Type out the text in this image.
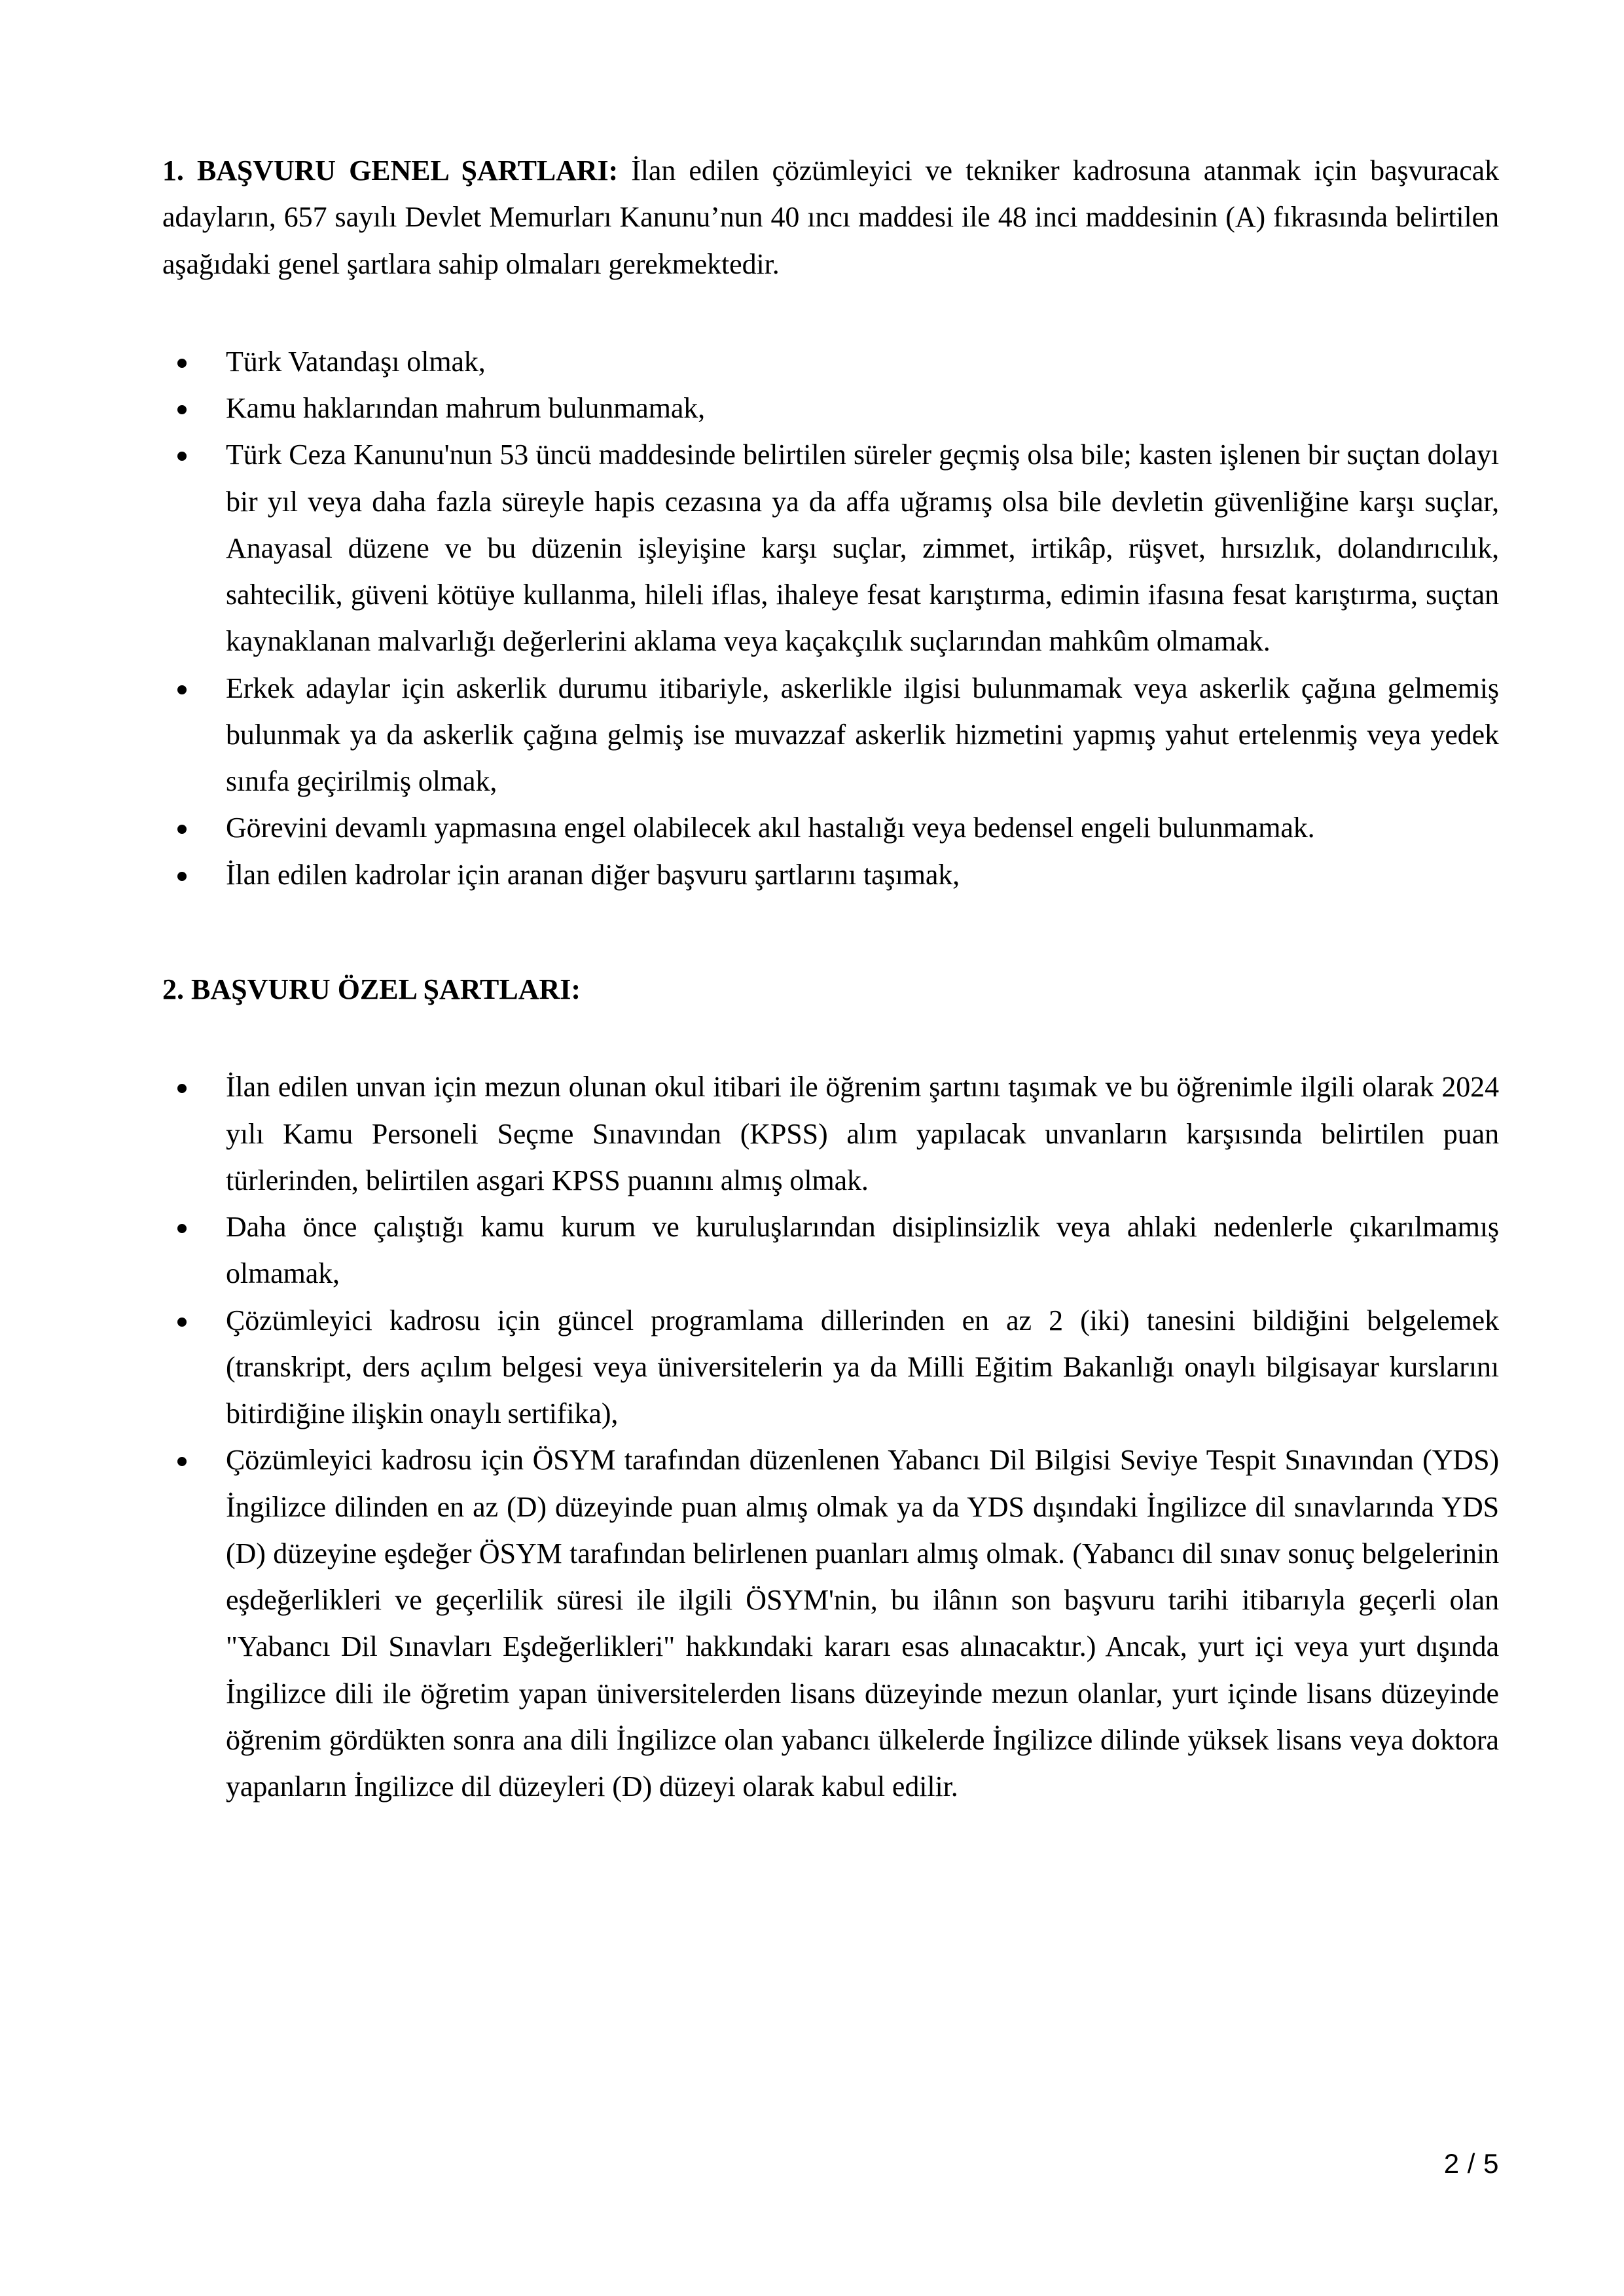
1. BAŞVURU GENEL ŞARTLARI: İlan edilen çözümleyici ve tekniker kadrosuna atanmak için başvuracak adayların, 657 sayılı Devlet Memurları Kanunu’nun 40 ıncı maddesi ile 48 inci maddesinin (A) fıkrasında belirtilen aşağıdaki genel şartlara sahip olmaları gerekmektedir.

Türk Vatandaşı olmak,
Kamu haklarından mahrum bulunmamak,
Türk Ceza Kanunu'nun 53 üncü maddesinde belirtilen süreler geçmiş olsa bile; kasten işlenen bir suçtan dolayı bir yıl veya daha fazla süreyle hapis cezasına ya da affa uğramış olsa bile devletin güvenliğine karşı suçlar, Anayasal düzene ve bu düzenin işleyişine karşı suçlar, zimmet, irtikâp, rüşvet, hırsızlık, dolandırıcılık, sahtecilik, güveni kötüye kullanma, hileli iflas, ihaleye fesat karıştırma, edimin ifasına fesat karıştırma, suçtan kaynaklanan malvarlığı değerlerini aklama veya kaçakçılık suçlarından mahkûm olmamak.
Erkek adaylar için askerlik durumu itibariyle, askerlikle ilgisi bulunmamak veya askerlik çağına gelmemiş bulunmak ya da askerlik çağına gelmiş ise muvazzaf askerlik hizmetini yapmış yahut ertelenmiş veya yedek sınıfa geçirilmiş olmak,
Görevini devamlı yapmasına engel olabilecek akıl hastalığı veya bedensel engeli bulunmamak.
İlan edilen kadrolar için aranan diğer başvuru şartlarını taşımak,

2. BAŞVURU ÖZEL ŞARTLARI:

İlan edilen unvan için mezun olunan okul itibari ile öğrenim şartını taşımak ve bu öğrenimle ilgili olarak 2024 yılı Kamu Personeli Seçme Sınavından (KPSS) alım yapılacak unvanların karşısında belirtilen puan türlerinden, belirtilen asgari KPSS puanını almış olmak.
Daha önce çalıştığı kamu kurum ve kuruluşlarından disiplinsizlik veya ahlaki nedenlerle çıkarılmamış olmamak,
Çözümleyici kadrosu için güncel programlama dillerinden en az 2 (iki) tanesini bildiğini belgelemek (transkript, ders açılım belgesi veya üniversitelerin ya da Milli Eğitim Bakanlığı onaylı bilgisayar kurslarını bitirdiğine ilişkin onaylı sertifika),
Çözümleyici kadrosu için ÖSYM tarafından düzenlenen Yabancı Dil Bilgisi Seviye Tespit Sınavından (YDS) İngilizce dilinden en az (D) düzeyinde puan almış olmak ya da YDS dışındaki İngilizce dil sınavlarında YDS (D) düzeyine eşdeğer ÖSYM tarafından belirlenen puanları almış olmak. (Yabancı dil sınav sonuç belgelerinin eşdeğerlikleri ve geçerlilik süresi ile ilgili ÖSYM'nin, bu ilânın son başvuru tarihi itibarıyla geçerli olan "Yabancı Dil Sınavları Eşdeğerlikleri" hakkındaki kararı esas alınacaktır.) Ancak, yurt içi veya yurt dışında İngilizce dili ile öğretim yapan üniversitelerden lisans düzeyinde mezun olanlar, yurt içinde lisans düzeyinde öğrenim gördükten sonra ana dili İngilizce olan yabancı ülkelerde İngilizce dilinde yüksek lisans veya doktora yapanların İngilizce dil düzeyleri (D) düzeyi olarak kabul edilir.
2 / 5
